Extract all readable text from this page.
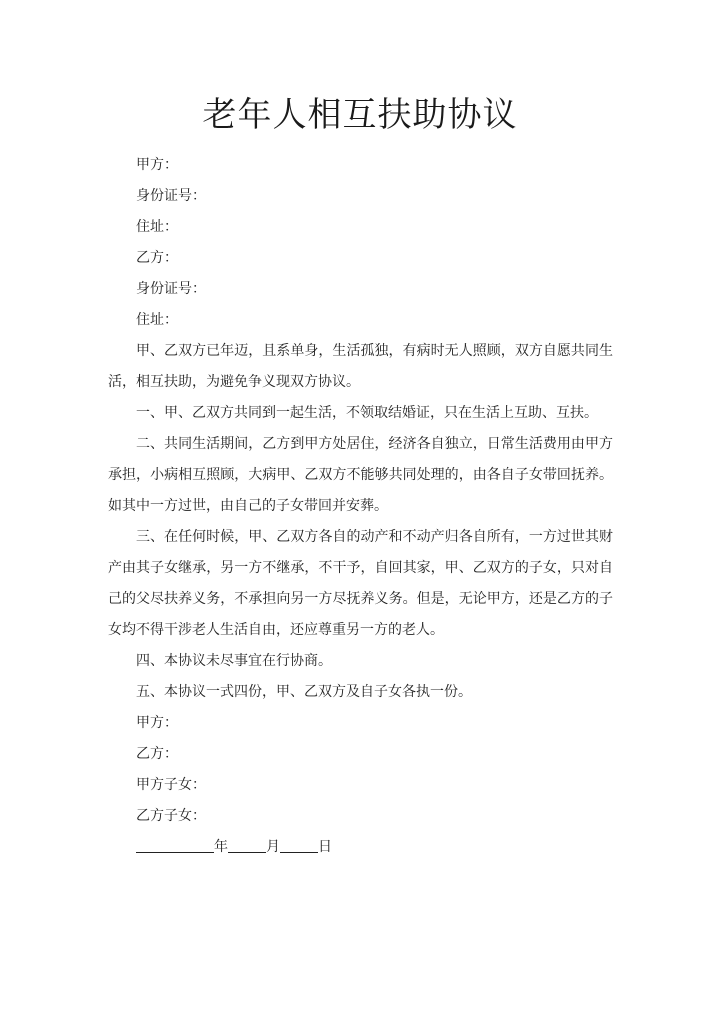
老年人相互扶助协议

甲方：

身份证号：

住址：

乙方：

身份证号：

住址：

甲、乙双方已年迈，且系单身，生活孤独，有病时无人照顾，双方自愿共同生活，相互扶助，为避免争义现双方协议。

一、甲、乙双方共同到一起生活，不领取结婚证，只在生活上互助、互扶。

二、共同生活期间，乙方到甲方处居住，经济各自独立，日常生活费用由甲方承担，小病相互照顾，大病甲、乙双方不能够共同处理的，由各自子女带回抚养。如其中一方过世，由自己的子女带回并安葬。

三、在任何时候，甲、乙双方各自的动产和不动产归各自所有，一方过世其财产由其子女继承，另一方不继承，不干予，自回其家，甲、乙双方的子女，只对自己的父尽扶养义务，不承担向另一方尽抚养义务。但是，无论甲方，还是乙方的子女均不得干涉老人生活自由，还应尊重另一方的老人。

四、本协议未尽事宜在行协商。

五、本协议一式四份，甲、乙双方及自子女各执一份。

甲方：

乙方：

甲方子女：

乙方子女：

年	月	日
